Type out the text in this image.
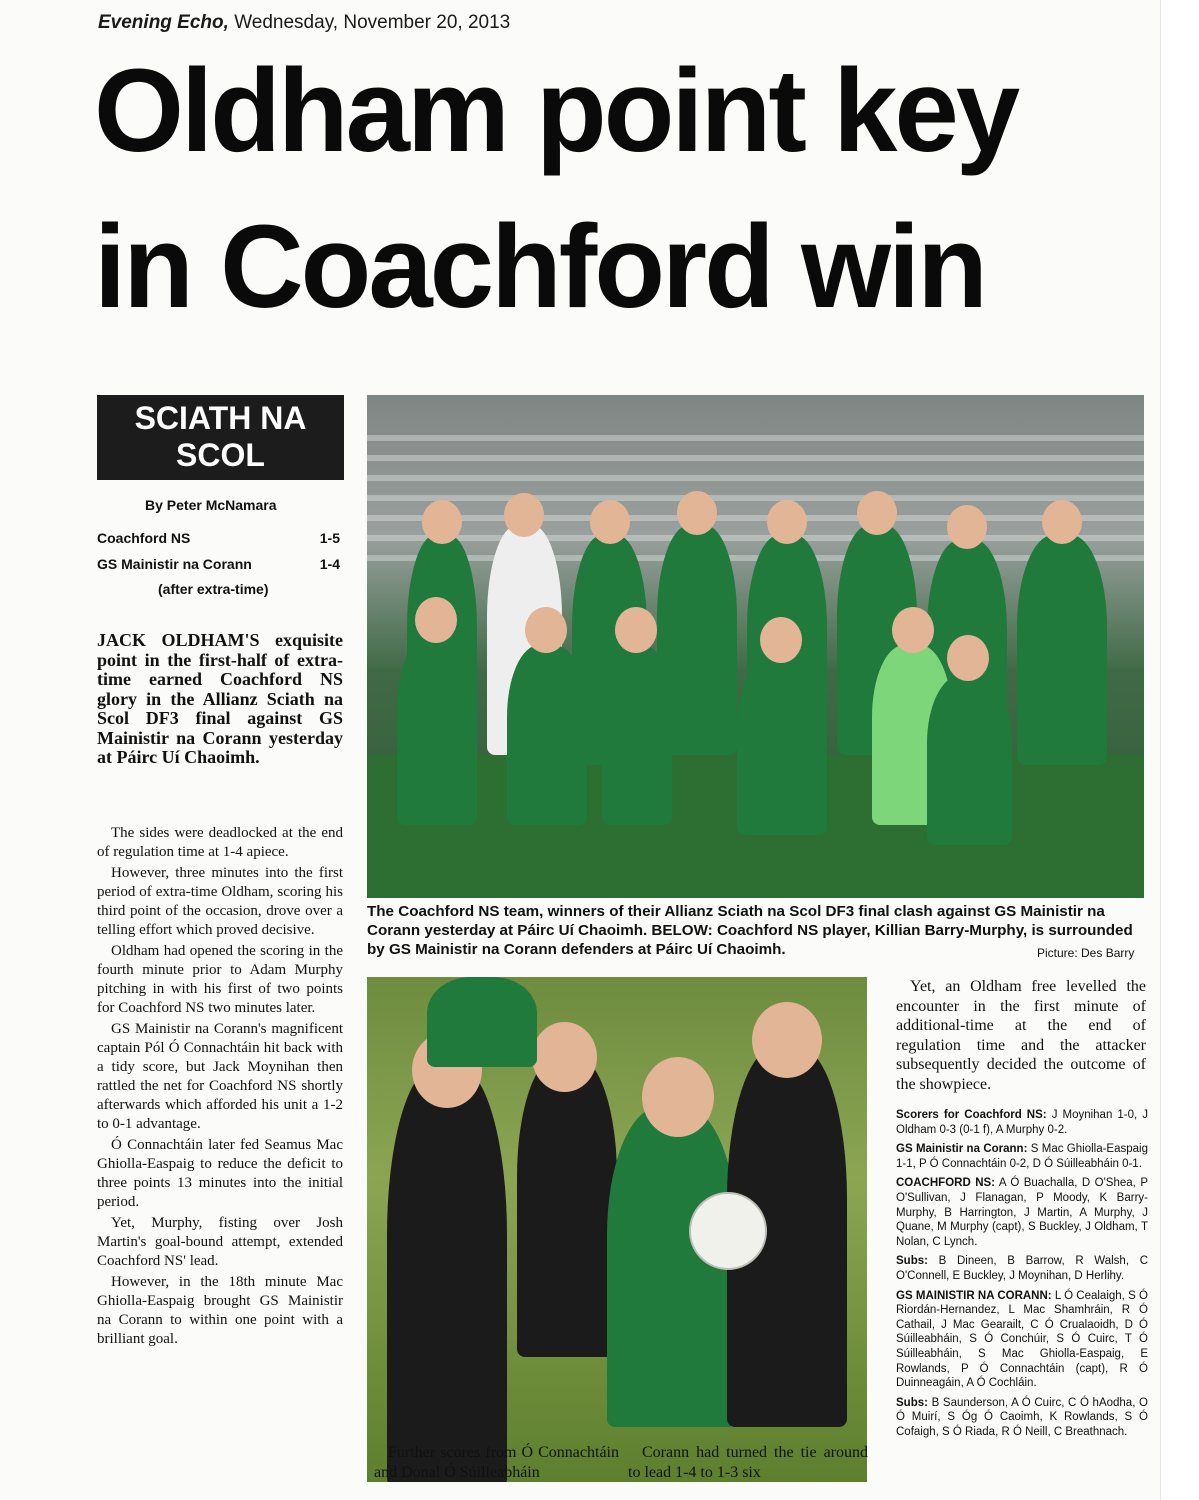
Evening Echo, Wednesday, November 20, 2013
Oldham point key
in Coachford win
SCIATH NA
SCOL
By Peter McNamara
Coachford NS	1-5
GS Mainistir na Corann	1-4
(after extra-time)
JACK OLDHAM'S exquisite point in the first-half of extra-time earned Coachford NS glory in the Allianz Sciath na Scol DF3 final against GS Mainistir na Corann yesterday at Páirc Uí Chaoimh.

The sides were deadlocked at the end of regulation time at 1-4 apiece.

However, three minutes into the first period of extra-time Oldham, scoring his third point of the occasion, drove over a telling effort which proved decisive.

Oldham had opened the scoring in the fourth minute prior to Adam Murphy pitching in with his first of two points for Coachford NS two minutes later.

GS Mainistir na Corann's magnificent captain Pól Ó Connachtáin hit back with a tidy score, but Jack Moynihan then rattled the net for Coachford NS shortly afterwards which afforded his unit a 1-2 to 0-1 advantage.

Ó Connachtáin later fed Seamus Mac Ghiolla-Easpaig to reduce the deficit to three points 13 minutes into the initial period.

Yet, Murphy, fisting over Josh Martin's goal-bound attempt, extended Coachford NS' lead.

However, in the 18th minute Mac Ghiolla-Easpaig brought GS Mainistir na Corann to within one point with a brilliant goal.

The Coachford NS team, winners of their Allianz Sciath na Scol DF3 final clash against GS Mainistir na Corann yesterday at Páirc Uí Chaoimh. BELOW: Coachford NS player, Killian Barry-Murphy, is surrounded by GS Mainistir na Corann defenders at Páirc Uí Chaoimh.	Picture: Des Barry

Yet, an Oldham free levelled the encounter in the first minute of additional-time at the end of regulation time and the attacker subsequently decided the outcome of the showpiece.

Scorers for Coachford NS: J Moynihan 1-0, J Oldham 0-3 (0-1 f), A Murphy 0-2.

GS Mainistir na Corann: S Mac Ghiolla-Easpaig 1-1, P Ó Connachtáin 0-2, D Ó Súilleabháin 0-1.

COACHFORD NS: A Ó Buachalla, D O'Shea, P O'Sullivan, J Flanagan, P Moody, K Barry-Murphy, B Harrington, J Martin, A Murphy, J Quane, M Murphy (capt), S Buckley, J Oldham, T Nolan, C Lynch.

Subs: B Dineen, B Barrow, R Walsh, C O'Connell, E Buckley, J Moynihan, D Herlihy.

GS MAINISTIR NA CORANN: L Ó Cealaigh, S Ó Riordán-Hernandez, L Mac Shamhráin, R Ó Cathail, J Mac Gearailt, C Ó Crualaoidh, D Ó Súilleabháin, S Ó Conchúir, S Ó Cuirc, T Ó Súilleabháin, S Mac Ghiolla-Easpaig, E Rowlands, P Ó Connachtáin (capt), R Ó Duinneagáin, A Ó Cochláin.

Subs: B Saunderson, A Ó Cuirc, C Ó hAodha, O Ó Muirí, S Óg Ó Caoimh, K Rowlands, S Ó Cofaigh, S Ó Riada, R Ó Neill, C Breathnach.

Further scores from Ó Connachtáin and Donal Ó Súilleabháin

Corann had turned the tie around to lead 1-4 to 1-3 six
